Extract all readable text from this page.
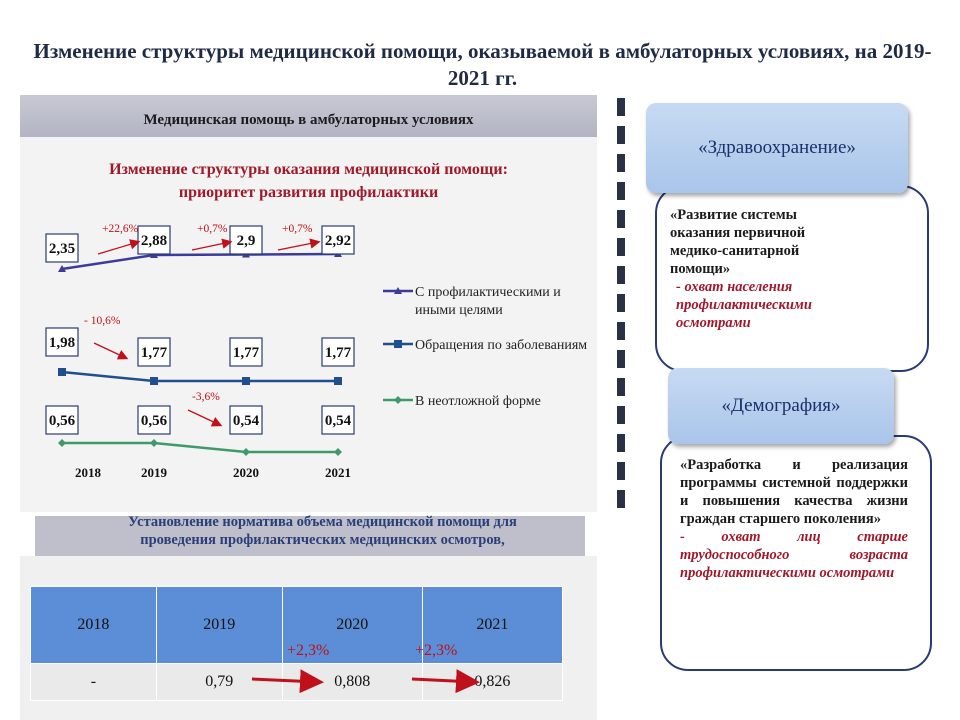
Изменение структуры медицинской помощи, оказываемой в амбулаторных условиях, на 2019-2021 гг.
Медицинская помощь в амбулаторных условиях
Изменение структуры оказания медицинской помощи:
приоритет развития профилактики
2,35	2,88	2,9	2,92
1,98
1,77	1,77	1,77
0,56	0,56	0,54	0,54
2018	2019	2020	2021
+22,6%	+0,7%	+0,7%
- 10,6%
-3,6%
С профилактическими и
иными целями
Обращения по заболеваниям
В неотложной форме
Установление норматива объема медицинской помощи для
проведения профилактических медицинских осмотров,
2018	2019	2020	2021
-	0,79	0,808	0,826
+2,3%	+2,3%
«Здравоохранение»
«Развитие системы оказания первичной медико-санитарной помощи»
- охват населения профилактическими осмотрами
«Демография»
«Разработка и реализация программы системной поддержки и повышения качества жизни граждан старшего поколения»
- охват лиц старше трудоспособного возраста профилактическими осмотрами
